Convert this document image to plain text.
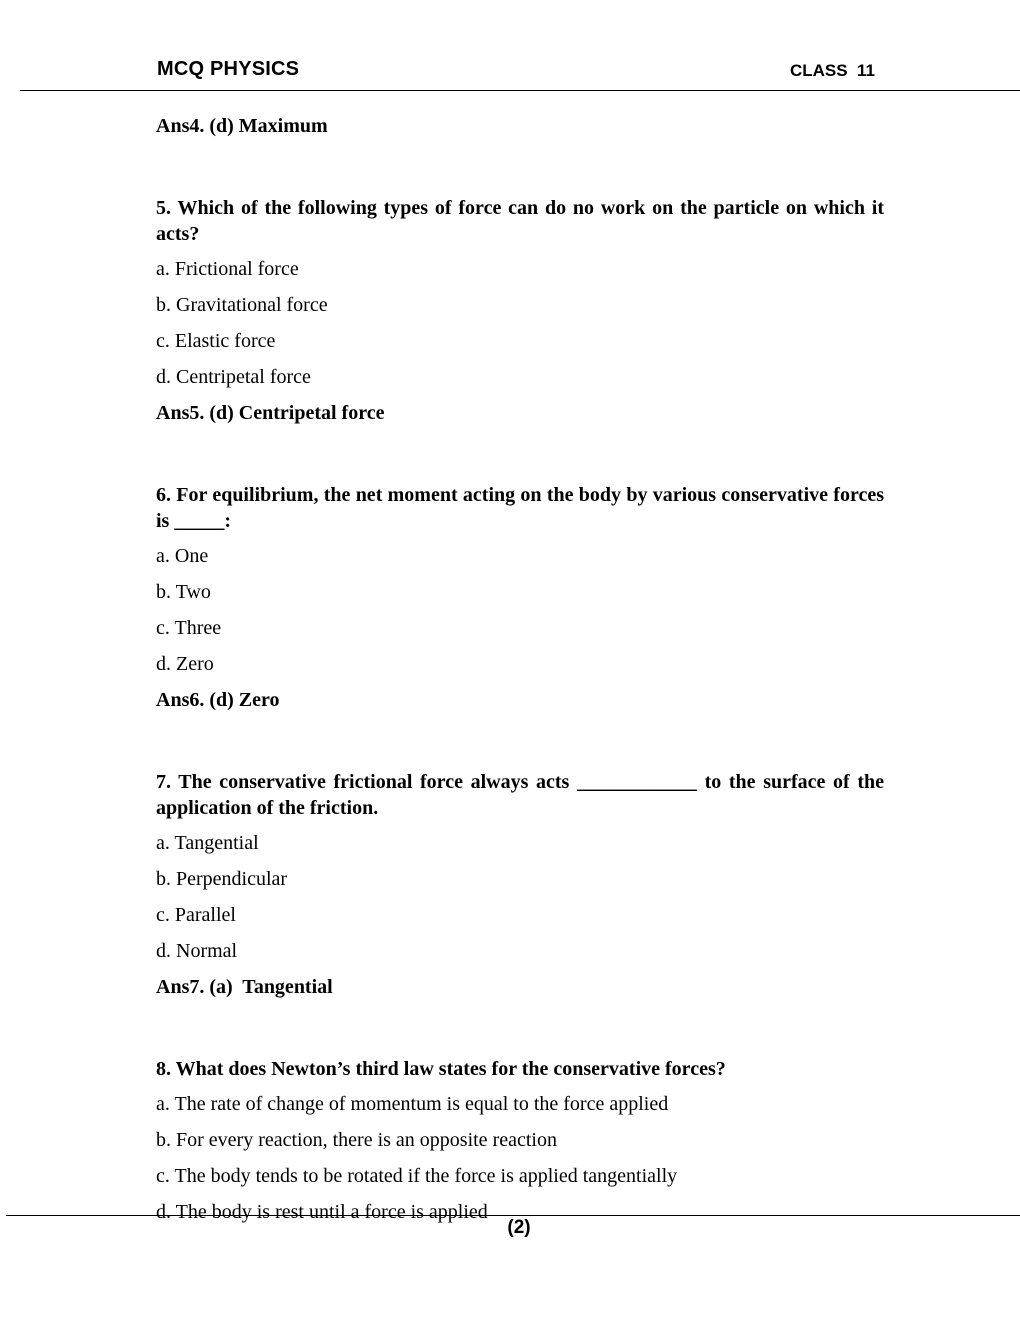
MCQ PHYSICS	CLASS  11
Ans4. (d) Maximum
5. Which of the following types of force can do no work on the particle on which it acts?
a. Frictional force
b. Gravitational force
c. Elastic force
d. Centripetal force
Ans5. (d) Centripetal force
6. For equilibrium, the net moment acting on the body by various conservative forces is _____:
a. One
b. Two
c. Three
d. Zero
Ans6. (d) Zero
7. The conservative frictional force always acts ____________ to the surface of the application of the friction.
a. Tangential
b. Perpendicular
c. Parallel
d. Normal
Ans7. (a)  Tangential
8. What does Newton’s third law states for the conservative forces?
a. The rate of change of momentum is equal to the force applied
b. For every reaction, there is an opposite reaction
c. The body tends to be rotated if the force is applied tangentially
d. The body is rest until a force is applied
(2)
